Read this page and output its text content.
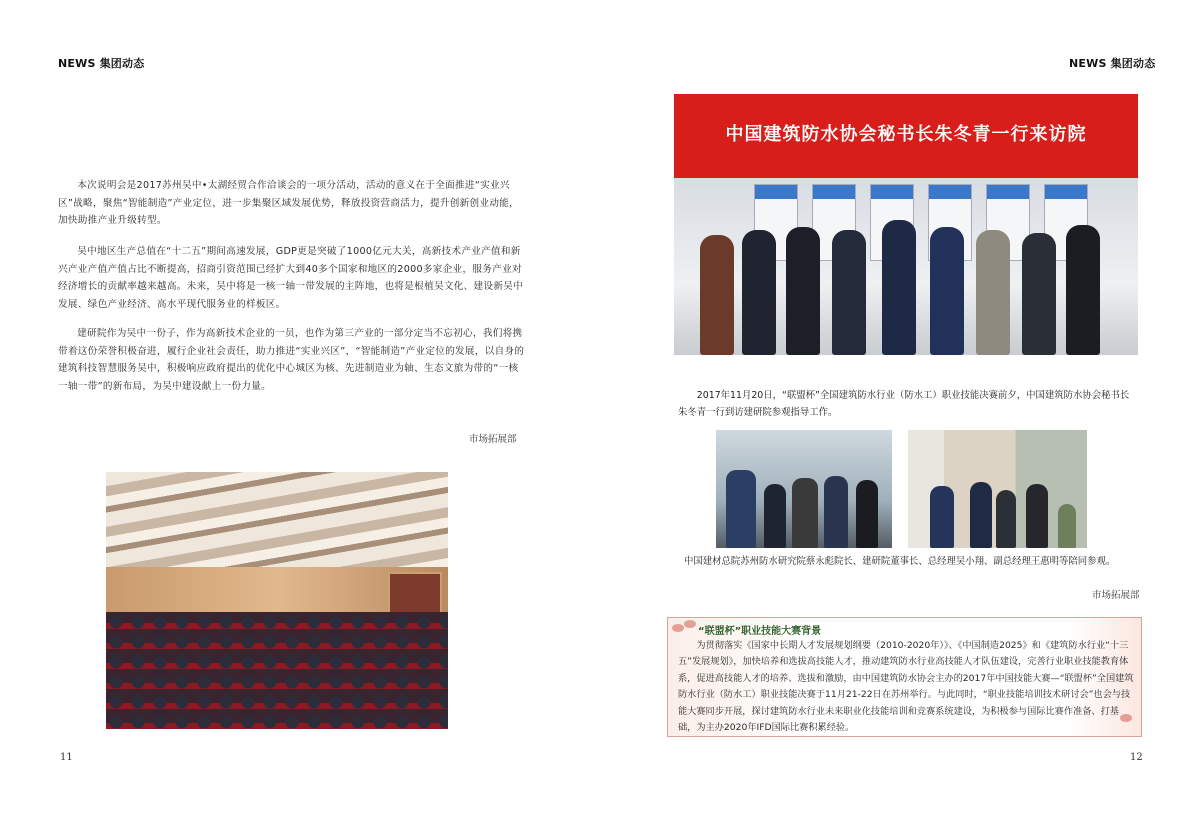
NEWS 集团动态

本次说明会是2017苏州吴中•太湖经贸合作洽谈会的一项分活动，活动的意义在于全面推进“实业兴区”战略，聚焦“智能制造”产业定位，进一步集聚区域发展优势，释放投资营商活力，提升创新创业动能，加快助推产业升级转型。

吴中地区生产总值在“十二五”期间高速发展，GDP更是突破了1000亿元大关，高新技术产业产值和新兴产业产值产值占比不断提高，招商引资范围已经扩大到40多个国家和地区的2000多家企业，服务产业对经济增长的贡献率越来越高。未来，吴中将是一核一轴一带发展的主阵地，也将是根植吴文化、建设新吴中发展、绿色产业经济、高水平现代服务业的样板区。

建研院作为吴中一份子，作为高新技术企业的一员，也作为第三产业的一部分定当不忘初心，我们将携带着这份荣誉积极奋进，履行企业社会责任，助力推进“实业兴区”，“智能制造”产业定位的发展，以自身的建筑科技智慧服务吴中，积极响应政府提出的优化中心城区为核、先进制造业为轴、生态文旅为带的“一核一轴一带”的新布局，为吴中建设献上一份力量。

市场拓展部
11
NEWS 集团动态
中国建筑防水协会秘书长朱冬青一行来访院

2017年11月20日，“联盟杯”全国建筑防水行业（防水工）职业技能决赛前夕，中国建筑防水协会秘书长朱冬青一行到访建研院参观指导工作。

中国建材总院苏州防水研究院蔡永彪院长、建研院董事长、总经理吴小翔、副总经理王惠明等陪同参观。

市场拓展部
“联盟杯”职业技能大赛背景

为贯彻落实《国家中长期人才发展规划纲要（2010-2020年）》、《中国制造2025》和《建筑防水行业“十三五”发展规划》，加快培养和选拔高技能人才，推动建筑防水行业高技能人才队伍建设，完善行业职业技能教育体系，促进高技能人才的培养、选拔和激励，由中国建筑防水协会主办的2017年中国技能大赛—“联盟杯”全国建筑防水行业（防水工）职业技能决赛于11月21-22日在苏州举行。与此同时，“职业技能培训技术研讨会”也会与技能大赛同步开展，探讨建筑防水行业未来职业化技能培训和竞赛系统建设，为积极参与国际比赛作准备、打基础，为主办2020年IFD国际比赛积累经验。

12
